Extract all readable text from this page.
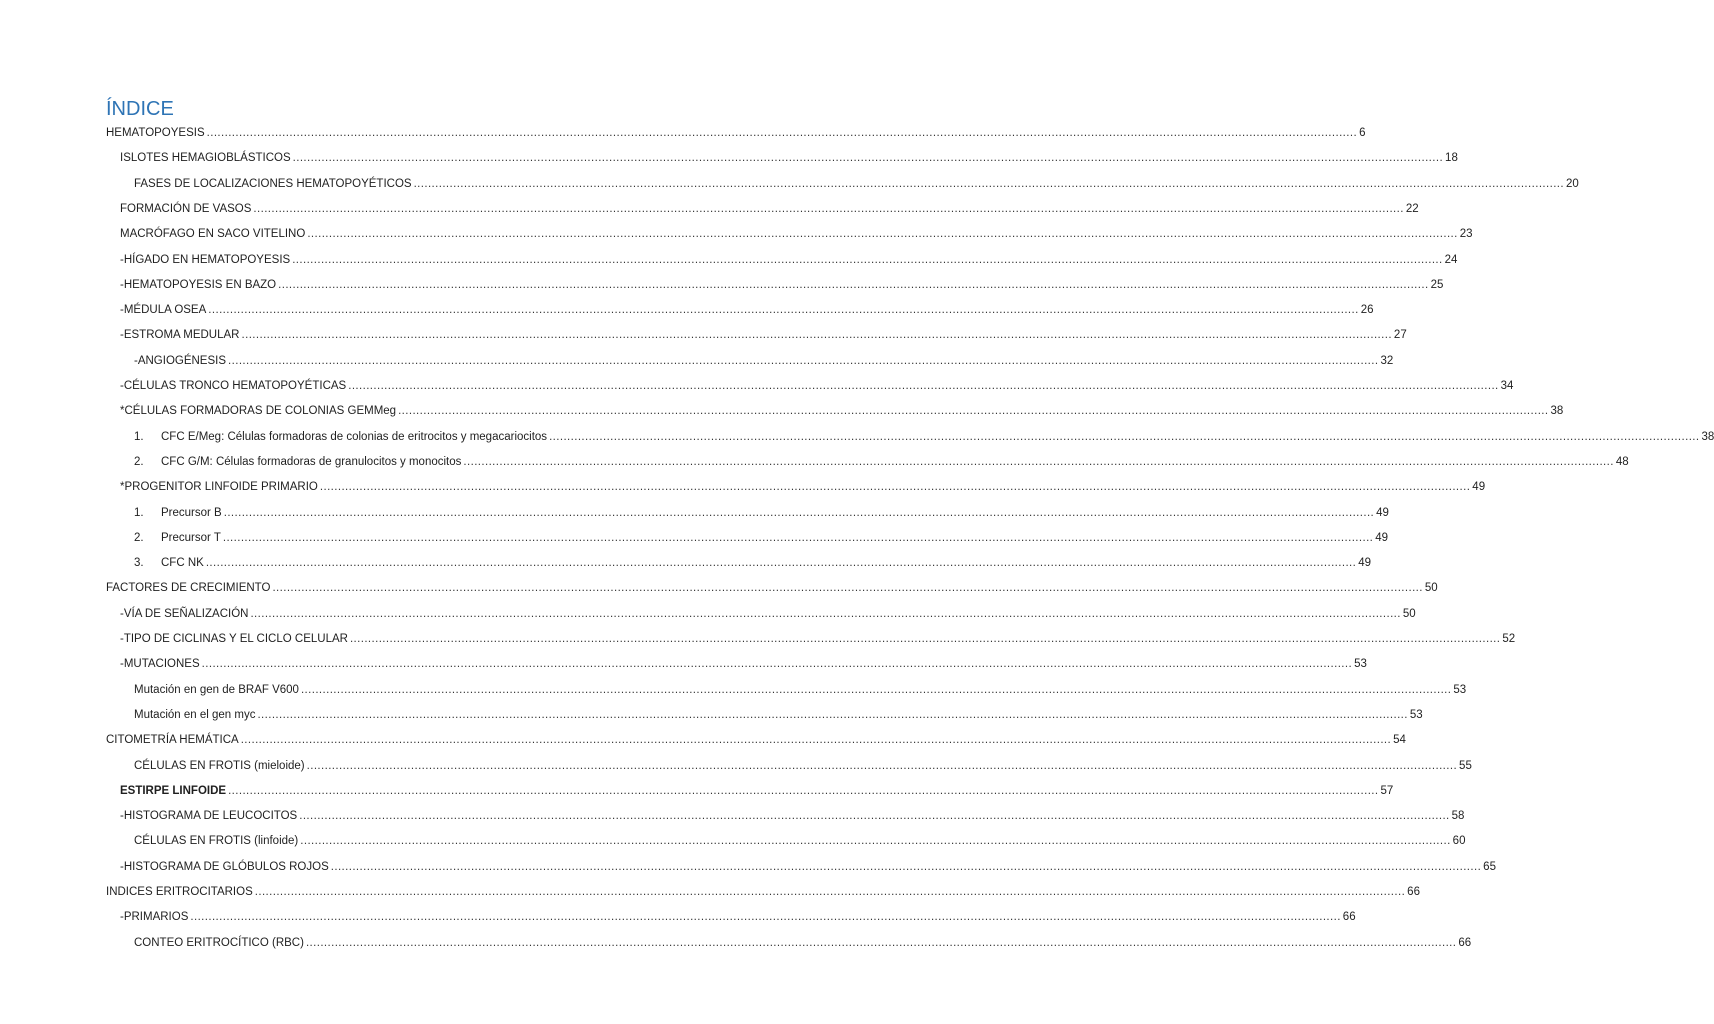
ÍNDICE
HEMATOPOYESIS .....	6
ISLOTES HEMAGIOBLÁSTICOS .....	18
FASES DE LOCALIZACIONES HEMATOPOYÉTICOS .....	20
FORMACIÓN DE VASOS .....	22
MACRÓFAGO EN SACO VITELINO .....	23
-HÍGADO EN HEMATOPOYESIS .....	24
-HEMATOPOYESIS EN BAZO .....	25
-MÉDULA OSEA .....	26
-ESTROMA MEDULAR .....	27
-ANGIOGÉNESIS .....	32
-CÉLULAS TRONCO HEMATOPOYÉTICAS .....	34
*CÉLULAS FORMADORAS DE COLONIAS GEMMeg .....	38
1.	CFC E/Meg: Células formadoras de colonias de eritrocitos y megacariocitos .....	38
2.	CFC G/M: Células formadoras de granulocitos y monocitos .....	48
*PROGENITOR LINFOIDE PRIMARIO .....	49
1.	Precursor B .....	49
2.	Precursor T .....	49
3.	CFC NK .....	49
FACTORES DE CRECIMIENTO .....	50
-VÍA DE SEÑALIZACIÓN .....	50
-TIPO DE CICLINAS Y EL CICLO CELULAR .....	52
-MUTACIONES .....	53
Mutación en gen de BRAF V600 .....	53
Mutación en el gen myc .....	53
CITOMETRÍA HEMÁTICA .....	54
CÉLULAS EN FROTIS (mieloide) .....	55
ESTIRPE LINFOIDE .....	57
-HISTOGRAMA DE LEUCOCITOS .....	58
CÉLULAS EN FROTIS (linfoide) .....	60
-HISTOGRAMA DE GLÓBULOS ROJOS .....	65
INDICES ERITROCITARIOS .....	66
-PRIMARIOS .....	66
CONTEO ERITROCÍTICO (RBC) .....	66
